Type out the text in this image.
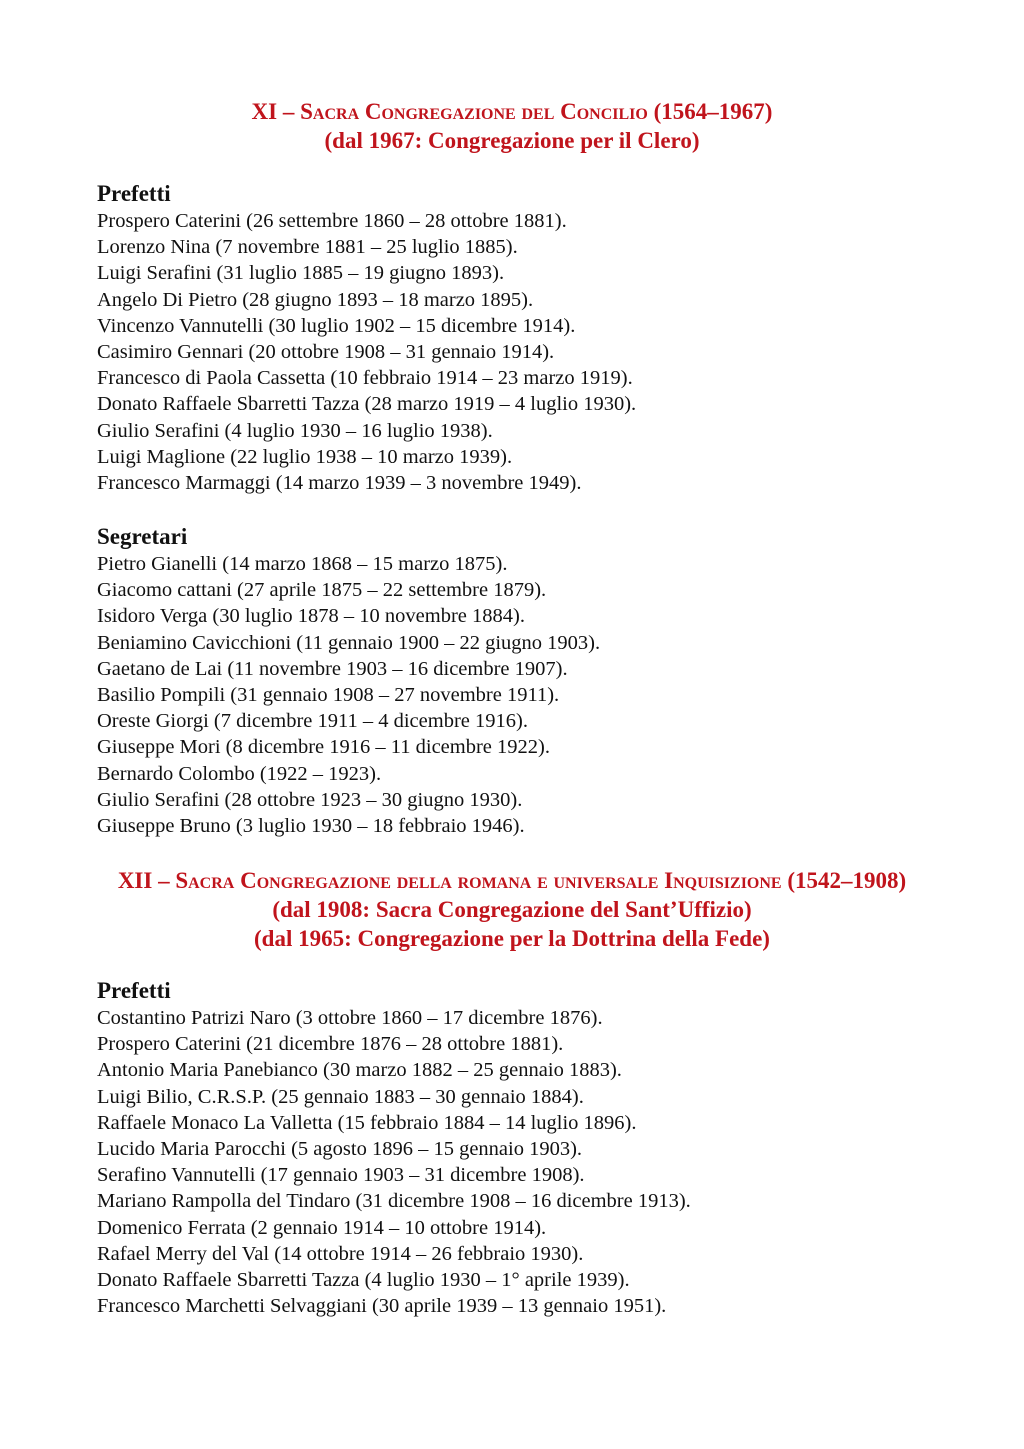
XI – Sacra Congregazione del Concilio (1564–1967)
(dal 1967: Congregazione per il Clero)
Prefetti
Prospero Caterini (26 settembre 1860 – 28 ottobre 1881).
Lorenzo Nina (7 novembre 1881 – 25 luglio 1885).
Luigi Serafini (31 luglio 1885 – 19 giugno 1893).
Angelo Di Pietro (28 giugno 1893 – 18 marzo 1895).
Vincenzo Vannutelli (30 luglio 1902 – 15 dicembre 1914).
Casimiro Gennari (20 ottobre 1908 – 31 gennaio 1914).
Francesco di Paola Cassetta (10 febbraio 1914 – 23 marzo 1919).
Donato Raffaele Sbarretti Tazza (28 marzo 1919 – 4 luglio 1930).
Giulio Serafini (4 luglio 1930 – 16 luglio 1938).
Luigi Maglione (22 luglio 1938 – 10 marzo 1939).
Francesco Marmaggi (14 marzo 1939 – 3 novembre 1949).
Segretari
Pietro Gianelli (14 marzo 1868 – 15 marzo 1875).
Giacomo cattani (27 aprile 1875 – 22 settembre 1879).
Isidoro Verga (30 luglio 1878 – 10 novembre 1884).
Beniamino Cavicchioni (11 gennaio 1900 – 22 giugno 1903).
Gaetano de Lai (11 novembre 1903 – 16 dicembre 1907).
Basilio Pompili (31 gennaio 1908 – 27 novembre 1911).
Oreste Giorgi (7 dicembre 1911 – 4 dicembre 1916).
Giuseppe Mori (8 dicembre 1916 – 11 dicembre 1922).
Bernardo Colombo (1922 – 1923).
Giulio Serafini (28 ottobre 1923 – 30 giugno 1930).
Giuseppe Bruno (3 luglio 1930 – 18 febbraio 1946).
XII – Sacra Congregazione della romana e universale Inquisizione (1542–1908)
(dal 1908: Sacra Congregazione del Sant’Uffizio)
(dal 1965: Congregazione per la Dottrina della Fede)
Prefetti
Costantino Patrizi Naro (3 ottobre 1860 – 17 dicembre 1876).
Prospero Caterini (21 dicembre 1876 – 28 ottobre 1881).
Antonio Maria Panebianco (30 marzo 1882 – 25 gennaio 1883).
Luigi Bilio, C.R.S.P. (25 gennaio 1883 – 30 gennaio 1884).
Raffaele Monaco La Valletta (15 febbraio 1884 – 14 luglio 1896).
Lucido Maria Parocchi (5 agosto 1896 – 15 gennaio 1903).
Serafino Vannutelli (17 gennaio 1903 – 31 dicembre 1908).
Mariano Rampolla del Tindaro (31 dicembre 1908 – 16 dicembre 1913).
Domenico Ferrata (2 gennaio 1914 – 10 ottobre 1914).
Rafael Merry del Val (14 ottobre 1914 – 26 febbraio 1930).
Donato Raffaele Sbarretti Tazza (4 luglio 1930 – 1° aprile 1939).
Francesco Marchetti Selvaggiani (30 aprile 1939 – 13 gennaio 1951).
